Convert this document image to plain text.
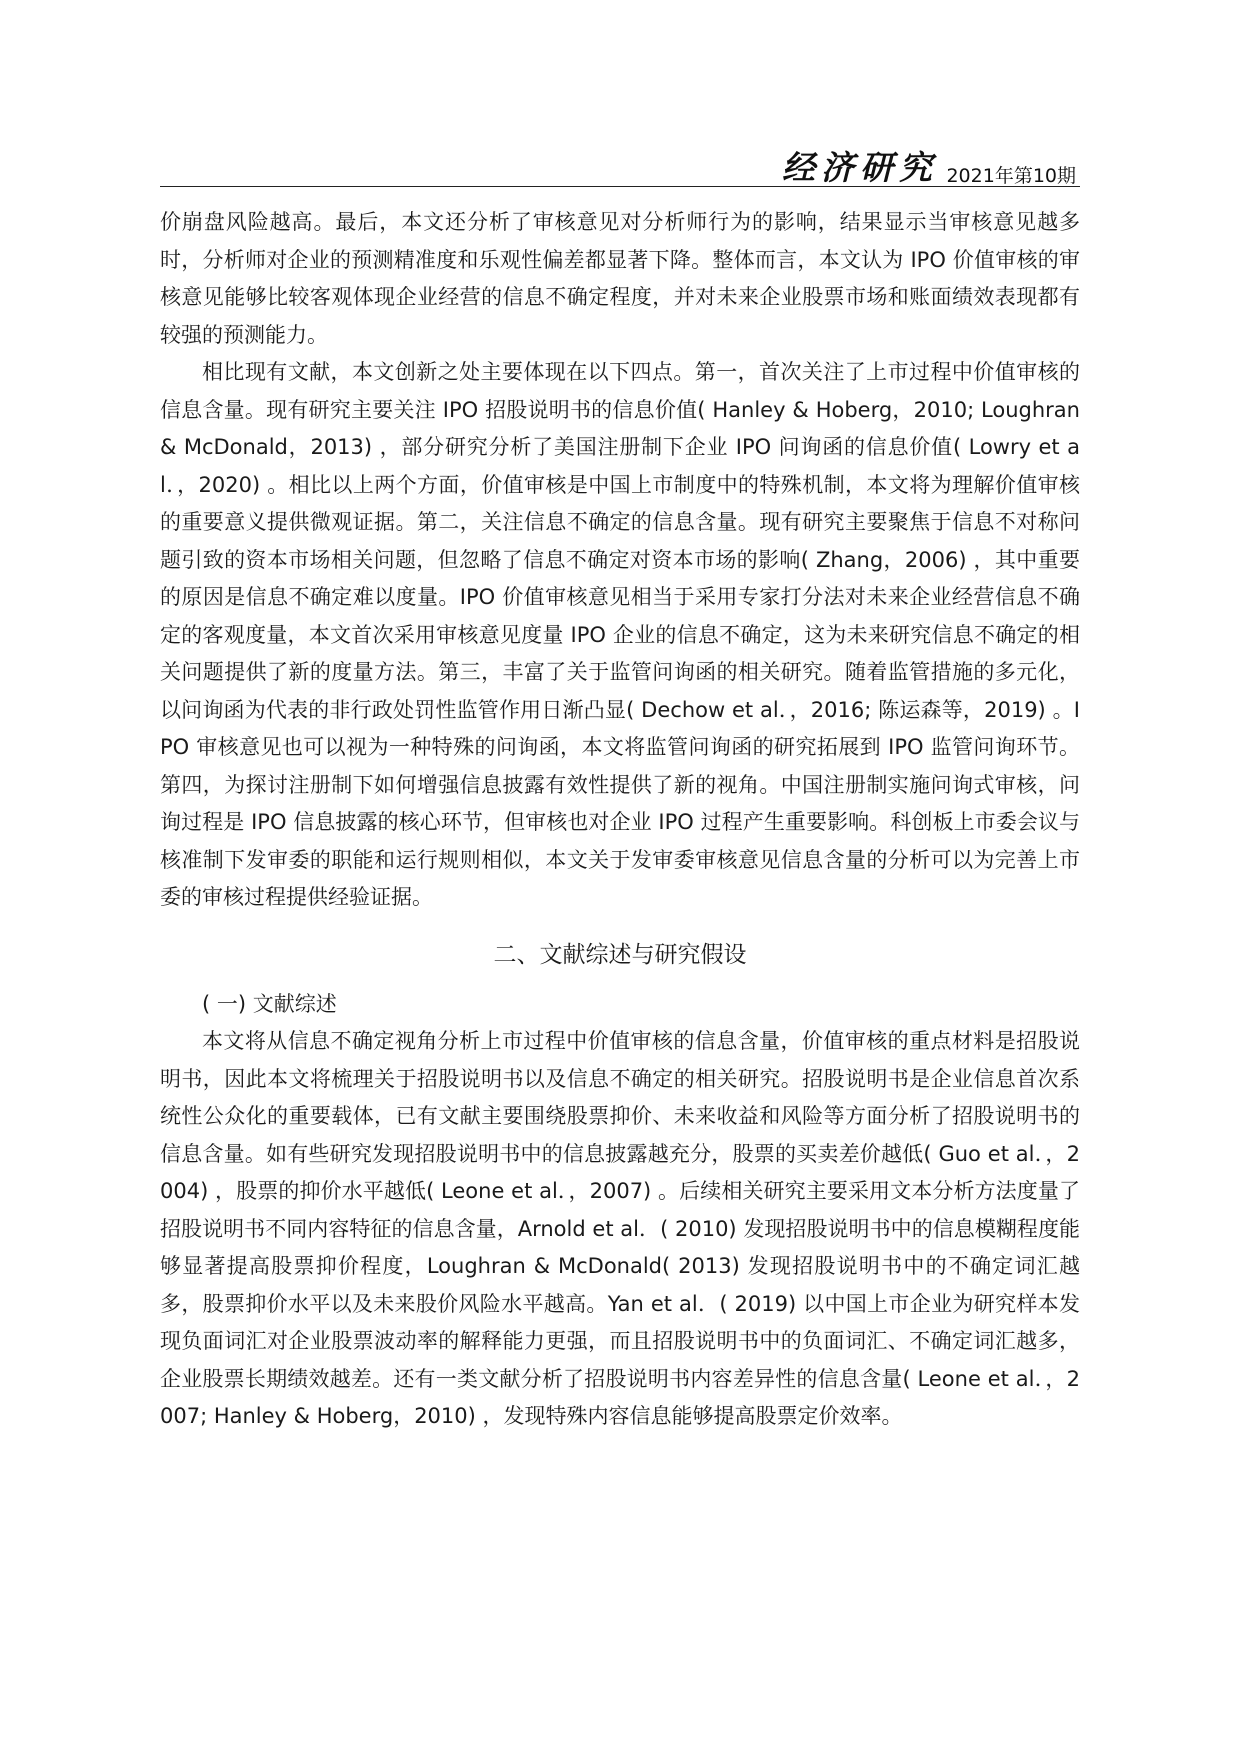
经济研究 2021年第10期

价崩盘风险越高。最后，本文还分析了审核意见对分析师行为的影响，结果显示当审核意见越多时，分析师对企业的预测精准度和乐观性偏差都显著下降。整体而言，本文认为 IPO 价值审核的审核意见能够比较客观体现企业经营的信息不确定程度，并对未来企业股票市场和账面绩效表现都有较强的预测能力。

相比现有文献，本文创新之处主要体现在以下四点。第一，首次关注了上市过程中价值审核的信息含量。现有研究主要关注 IPO 招股说明书的信息价值( Hanley & Hoberg，2010; Loughran & McDonald，2013) ，部分研究分析了美国注册制下企业 IPO 问询函的信息价值( Lowry et al．，2020) 。相比以上两个方面，价值审核是中国上市制度中的特殊机制，本文将为理解价值审核的重要意义提供微观证据。第二，关注信息不确定的信息含量。现有研究主要聚焦于信息不对称问题引致的资本市场相关问题，但忽略了信息不确定对资本市场的影响( Zhang，2006) ，其中重要的原因是信息不确定难以度量。IPO 价值审核意见相当于采用专家打分法对未来企业经营信息不确定的客观度量，本文首次采用审核意见度量 IPO 企业的信息不确定，这为未来研究信息不确定的相关问题提供了新的度量方法。第三，丰富了关于监管问询函的相关研究。随着监管措施的多元化，以问询函为代表的非行政处罚性监管作用日渐凸显( Dechow et al．，2016; 陈运森等，2019) 。IPO 审核意见也可以视为一种特殊的问询函，本文将监管问询函的研究拓展到 IPO 监管问询环节。第四，为探讨注册制下如何增强信息披露有效性提供了新的视角。中国注册制实施问询式审核，问询过程是 IPO 信息披露的核心环节，但审核也对企业 IPO 过程产生重要影响。科创板上市委会议与核准制下发审委的职能和运行规则相似，本文关于发审委审核意见信息含量的分析可以为完善上市委的审核过程提供经验证据。

二、文献综述与研究假设
( 一) 文献综述

本文将从信息不确定视角分析上市过程中价值审核的信息含量，价值审核的重点材料是招股说明书，因此本文将梳理关于招股说明书以及信息不确定的相关研究。招股说明书是企业信息首次系统性公众化的重要载体，已有文献主要围绕股票抑价、未来收益和风险等方面分析了招股说明书的信息含量。如有些研究发现招股说明书中的信息披露越充分，股票的买卖差价越低( Guo et al．，2004) ，股票的抑价水平越低( Leone et al．，2007) 。后续相关研究主要采用文本分析方法度量了招股说明书不同内容特征的信息含量，Arnold et al．( 2010) 发现招股说明书中的信息模糊程度能够显著提高股票抑价程度，Loughran & McDonald( 2013) 发现招股说明书中的不确定词汇越多，股票抑价水平以及未来股价风险水平越高。Yan et al．( 2019) 以中国上市企业为研究样本发现负面词汇对企业股票波动率的解释能力更强，而且招股说明书中的负面词汇、不确定词汇越多，企业股票长期绩效越差。还有一类文献分析了招股说明书内容差异性的信息含量( Leone et al．，2007; Hanley & Hoberg，2010) ，发现特殊内容信息能够提高股票定价效率。
